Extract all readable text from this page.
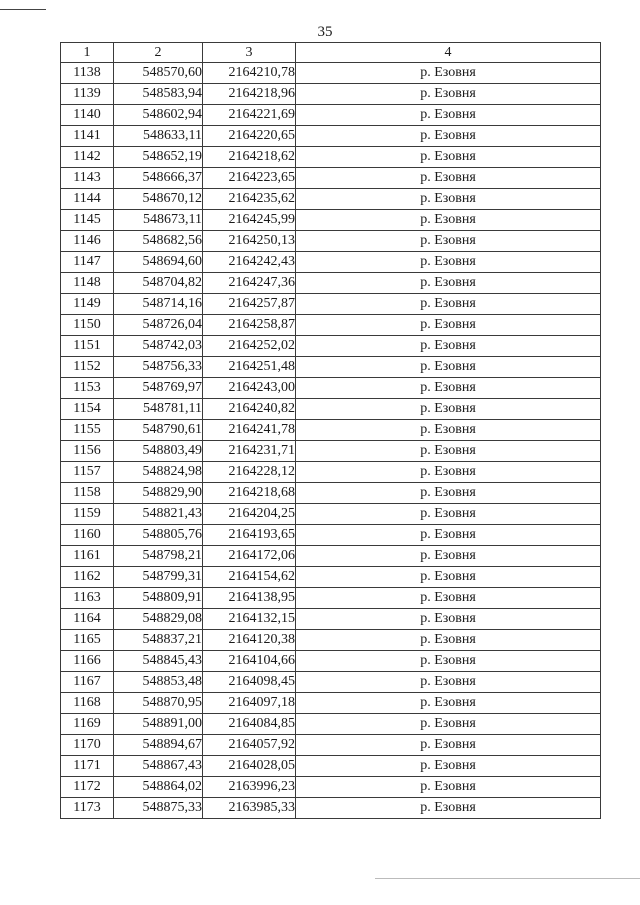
35
1	2	3	4
1138	548570,60	2164210,78	р. Езовня
1139	548583,94	2164218,96	р. Езовня
1140	548602,94	2164221,69	р. Езовня
1141	548633,11	2164220,65	р. Езовня
1142	548652,19	2164218,62	р. Езовня
1143	548666,37	2164223,65	р. Езовня
1144	548670,12	2164235,62	р. Езовня
1145	548673,11	2164245,99	р. Езовня
1146	548682,56	2164250,13	р. Езовня
1147	548694,60	2164242,43	р. Езовня
1148	548704,82	2164247,36	р. Езовня
1149	548714,16	2164257,87	р. Езовня
1150	548726,04	2164258,87	р. Езовня
1151	548742,03	2164252,02	р. Езовня
1152	548756,33	2164251,48	р. Езовня
1153	548769,97	2164243,00	р. Езовня
1154	548781,11	2164240,82	р. Езовня
1155	548790,61	2164241,78	р. Езовня
1156	548803,49	2164231,71	р. Езовня
1157	548824,98	2164228,12	р. Езовня
1158	548829,90	2164218,68	р. Езовня
1159	548821,43	2164204,25	р. Езовня
1160	548805,76	2164193,65	р. Езовня
1161	548798,21	2164172,06	р. Езовня
1162	548799,31	2164154,62	р. Езовня
1163	548809,91	2164138,95	р. Езовня
1164	548829,08	2164132,15	р. Езовня
1165	548837,21	2164120,38	р. Езовня
1166	548845,43	2164104,66	р. Езовня
1167	548853,48	2164098,45	р. Езовня
1168	548870,95	2164097,18	р. Езовня
1169	548891,00	2164084,85	р. Езовня
1170	548894,67	2164057,92	р. Езовня
1171	548867,43	2164028,05	р. Езовня
1172	548864,02	2163996,23	р. Езовня
1173	548875,33	2163985,33	р. Езовня
